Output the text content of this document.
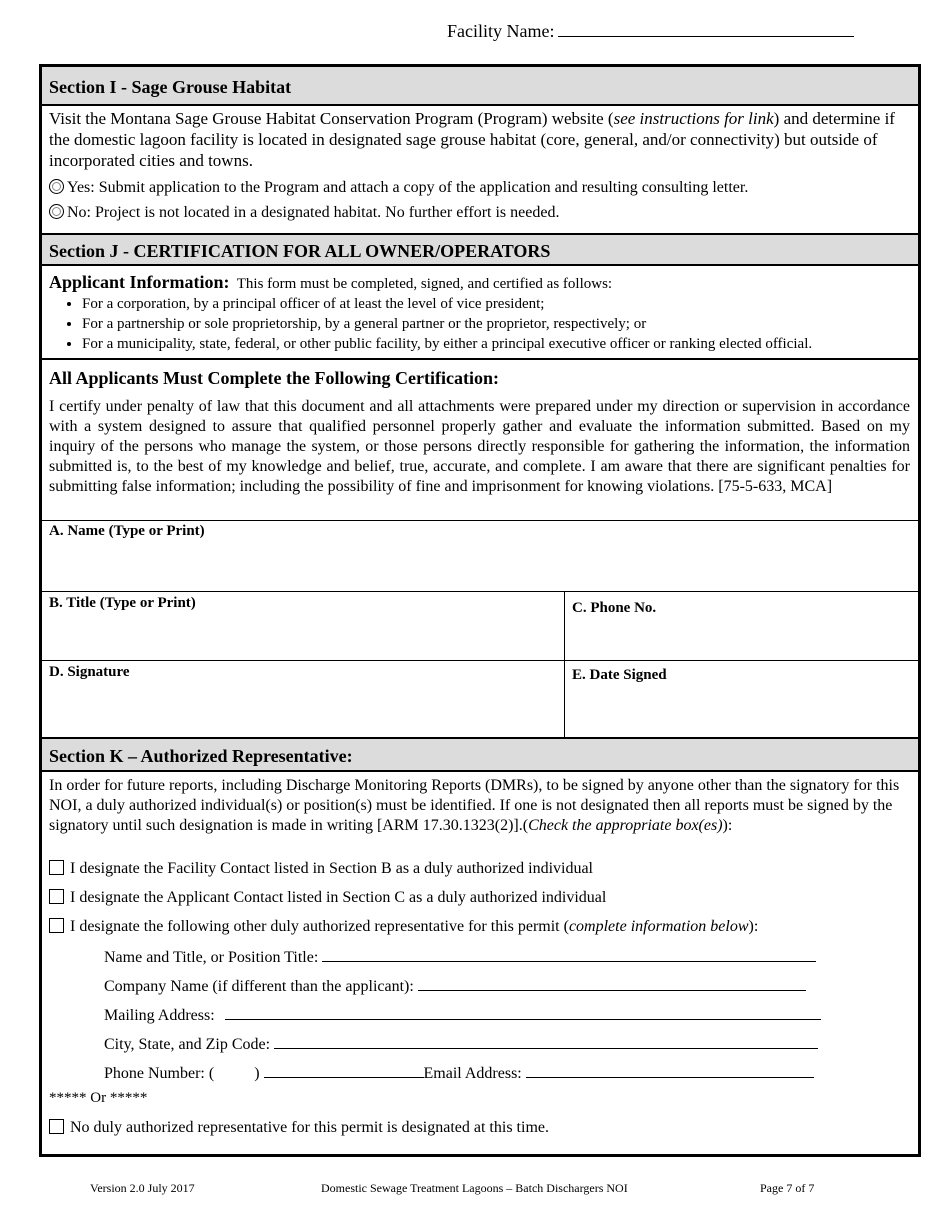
Facility Name:
Section I - Sage Grouse Habitat
Visit the Montana Sage Grouse Habitat Conservation Program (Program) website (see instructions for link) and determine if the domestic lagoon facility is located in designated sage grouse habitat (core, general, and/or connectivity) but outside of incorporated cities and towns.
Yes: Submit application to the Program and attach a copy of the application and resulting consulting letter.
No: Project is not located in a designated habitat. No further effort is needed.
Section J - CERTIFICATION FOR ALL OWNER/OPERATORS
Applicant Information: This form must be completed, signed, and certified as follows:
• For a corporation, by a principal officer of at least the level of vice president;
• For a partnership or sole proprietorship, by a general partner or the proprietor, respectively; or
• For a municipality, state, federal, or other public facility, by either a principal executive officer or ranking elected official.
All Applicants Must Complete the Following Certification:
I certify under penalty of law that this document and all attachments were prepared under my direction or supervision in accordance with a system designed to assure that qualified personnel properly gather and evaluate the information submitted. Based on my inquiry of the persons who manage the system, or those persons directly responsible for gathering the information, the information submitted is, to the best of my knowledge and belief, true, accurate, and complete. I am aware that there are significant penalties for submitting false information; including the possibility of fine and imprisonment for knowing violations. [75-5-633, MCA]
A. Name (Type or Print)
B. Title (Type or Print)	C. Phone No.
D. Signature	E. Date Signed
Section K – Authorized Representative:
In order for future reports, including Discharge Monitoring Reports (DMRs), to be signed by anyone other than the signatory for this NOI, a duly authorized individual(s) or position(s) must be identified. If one is not designated then all reports must be signed by the signatory until such designation is made in writing [ARM 17.30.1323(2)].(Check the appropriate box(es)):
I designate the Facility Contact listed in Section B as a duly authorized individual
I designate the Applicant Contact listed in Section C as a duly authorized individual
I designate the following other duly authorized representative for this permit (complete information below):
Name and Title, or Position Title:
Company Name (if different than the applicant):
Mailing Address:
City, State, and Zip Code:
Phone Number: (	)	Email Address:
***** Or *****
No duly authorized representative for this permit is designated at this time.
Version 2.0 July 2017	Domestic Sewage Treatment Lagoons – Batch Dischargers NOI	Page 7 of 7
